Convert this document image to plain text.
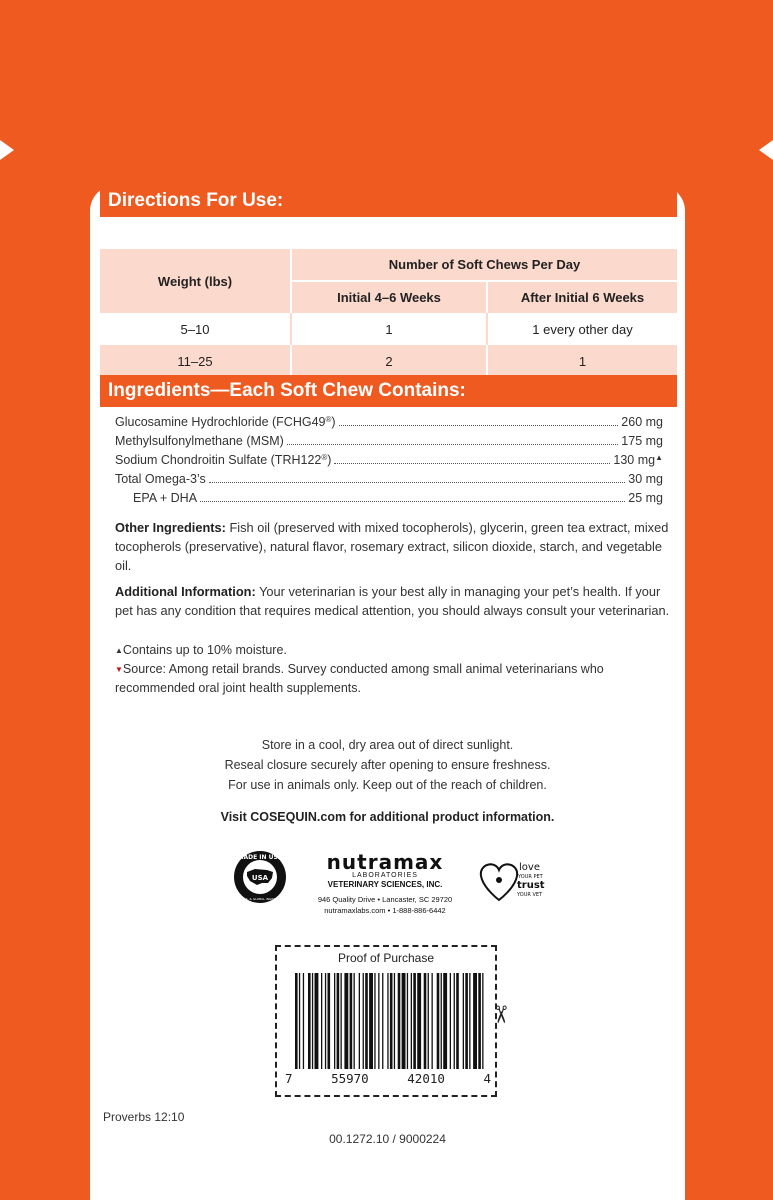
Directions For Use:
Weight (lbs)	Number of Soft Chews Per Day	
	Initial 4–6 Weeks	After Initial 6 Weeks
5–10	1	1 every other day
11–25	2	1
Ingredients—Each Soft Chew Contains:
Glucosamine Hydrochloride (FCHG49®)	260 mg
Methylsulfonylmethane (MSM)	175 mg
Sodium Chondroitin Sulfate (TRH122®)	130 mg▲
Total Omega-3’s	30 mg
EPA + DHA	25 mg
Other Ingredients: Fish oil (preserved with mixed tocopherols), glycerin, green tea extract, mixed tocopherols (preservative), natural flavor, rosemary extract, silicon dioxide, starch, and vegetable oil.
Additional Information: Your veterinarian is your best ally in managing your pet’s health. If your pet has any condition that requires medical attention, you should always consult your veterinarian.
▲Contains up to 10% moisture.
▼Source: Among retail brands. Survey conducted among small animal veterinarians who recommended oral joint health supplements.
Store in a cool, dry area out of direct sunlight.
Reseal closure securely after opening to ensure freshness.
For use in animals only. Keep out of the reach of children.
Visit COSEQUIN.com for additional product information.
MADE IN USA
WITH U.S. & GLOBAL INGREDIENTS
USA
nutramax
LABORATORIES
VETERINARY SCIENCES, INC.
946 Quality Drive • Lancaster, SC 29720
nutramaxlabs.com • 1-888-886-6442
love
YOUR PET
trust
YOUR VET
Proof of Purchase
7	55970	42010	4
✂
Proverbs 12:10
00.1272.10 / 9000224
